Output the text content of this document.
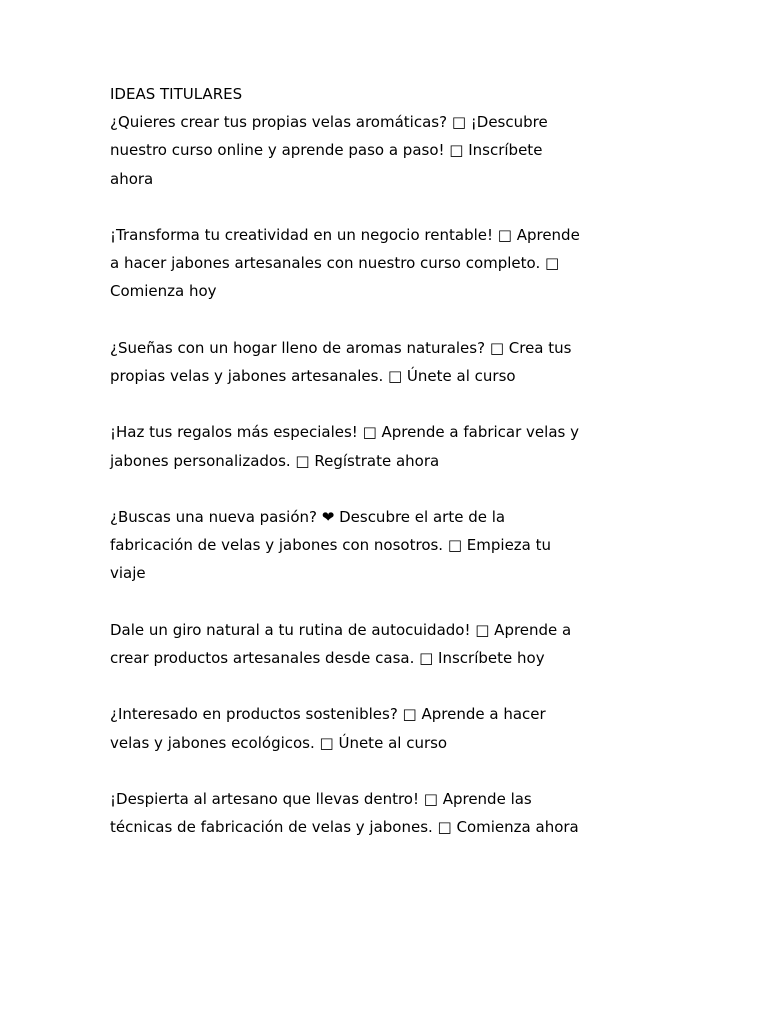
IDEAS TITULARES

¿Quieres crear tus propias velas aromáticas? □ ¡Descubre nuestro curso online y aprende paso a paso! □ Inscríbete ahora

¡Transforma tu creatividad en un negocio rentable! □ Aprende a hacer jabones artesanales con nuestro curso completo. □ Comienza hoy

¿Sueñas con un hogar lleno de aromas naturales? □ Crea tus propias velas y jabones artesanales. □ Únete al curso

¡Haz tus regalos más especiales! □ Aprende a fabricar velas y jabones personalizados. □ Regístrate ahora

¿Buscas una nueva pasión? ❤ Descubre el arte de la fabricación de velas y jabones con nosotros. □ Empieza tu viaje

Dale un giro natural a tu rutina de autocuidado! □ Aprende a crear productos artesanales desde casa. □ Inscríbete hoy

¿Interesado en productos sostenibles? □ Aprende a hacer velas y jabones ecológicos. □ Únete al curso

¡Despierta al artesano que llevas dentro! □ Aprende las técnicas de fabricación de velas y jabones. □ Comienza ahora
